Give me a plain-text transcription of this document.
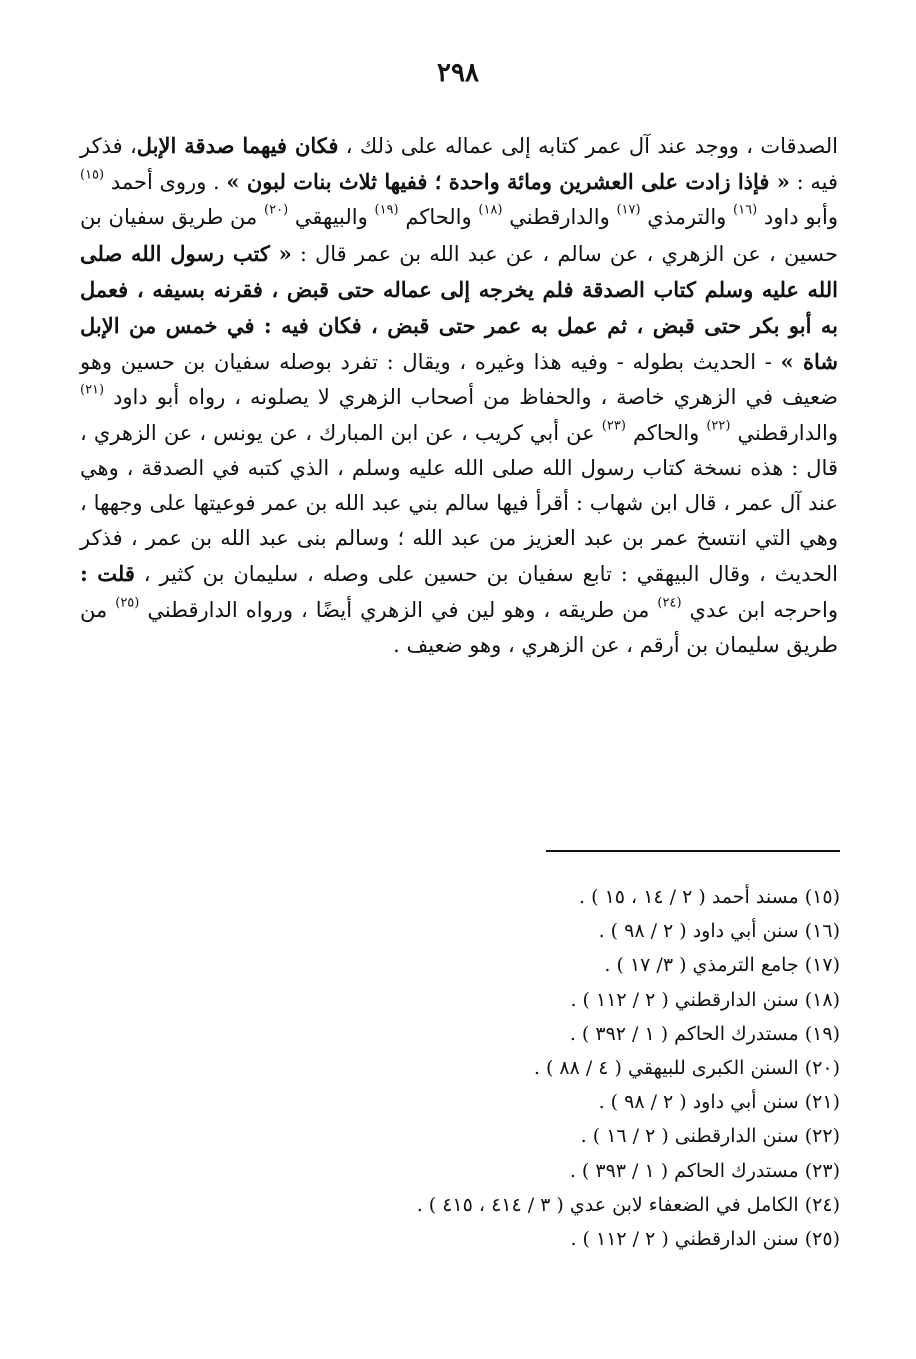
٢٩٨
الصدقات ، ووجد عند آل عمر كتابه إلى عماله على ذلك ، فكان فيهما صدقة الإبل، فذكر فيه : « فإذا زادت على العشرين ومائة واحدة ؛ ففيها ثلاث بنات لبون » . وروى أحمد $^{(١٥)}$ وأبو داود $^{(١٦)}$ والترمذي $^{(١٧)}$ والدارقطني $^{(١٨)}$ والحاكم $^{(١٩)}$ والبيهقي $^{(٢٠)}$ من طريق سفيان بن حسين ، عن الزهري ، عن سالم ، عن عبد الله بن عمر قال : « كتب رسول الله صلى الله عليه وسلم كتاب الصدقة فلم يخرجه إلى عماله حتى قبض ، فقرنه بسيفه ، فعمل به أبو بكر حتى قبض ، ثم عمل به عمر حتى قبض ، فكان فيه : في خمس من الإبل شاة » - الحديث بطوله - وفيه هذا وغيره ، ويقال : تفرد بوصله سفيان بن حسين وهو ضعيف في الزهري خاصة ، والحفاظ من أصحاب الزهري لا يصلونه ، رواه أبو داود $^{(٢١)}$ والدارقطني $^{(٢٢)}$ والحاكم $^{(٢٣)}$ عن أبي كريب ، عن ابن المبارك ، عن يونس ، عن الزهري ، قال : هذه نسخة كتاب رسول الله صلى الله عليه وسلم ، الذي كتبه في الصدقة ، وهي عند آل عمر ، قال ابن شهاب : أقرأ فيها سالم بني عبد الله بن عمر فوعيتها على وجهها ، وهي التي انتسخ عمر بن عبد العزيز من عبد الله ؛ وسالم بنى عبد الله بن عمر ، فذكر الحديث ، وقال البيهقي : تابع سفيان بن حسين على وصله ، سليمان بن كثير ، قلت : واحرجه ابن عدي $^{(٢٤)}$ من طريقه ، وهو لين في الزهري أيضًا ، ورواه الدارقطني $^{(٢٥)}$ من طريق سليمان بن أرقم ، عن الزهري ، وهو ضعيف .
(١٥) مسند أحمد ( ٢ / ١٤ ، ١٥ ) .
(١٦) سنن أبي داود ( ٢ / ٩٨ ) .
(١٧) جامع الترمذي ( ٣/ ١٧ ) .
(١٨) سنن الدارقطني ( ٢ / ١١٢ ) .
(١٩) مستدرك الحاكم ( ١ / ٣٩٢ ) .
(٢٠) السنن الكبرى للبيهقي ( ٤ / ٨٨ ) .
(٢١) سنن أبي داود ( ٢ / ٩٨ ) .
(٢٢) سنن الدارقطنى ( ٢ / ١٦ ) .
(٢٣) مستدرك الحاكم ( ١ / ٣٩٣ ) .
(٢٤) الكامل في الضعفاء لابن عدي ( ٣ / ٤١٤ ، ٤١٥ ) .
(٢٥) سنن الدارقطني ( ٢ / ١١٢ ) .
